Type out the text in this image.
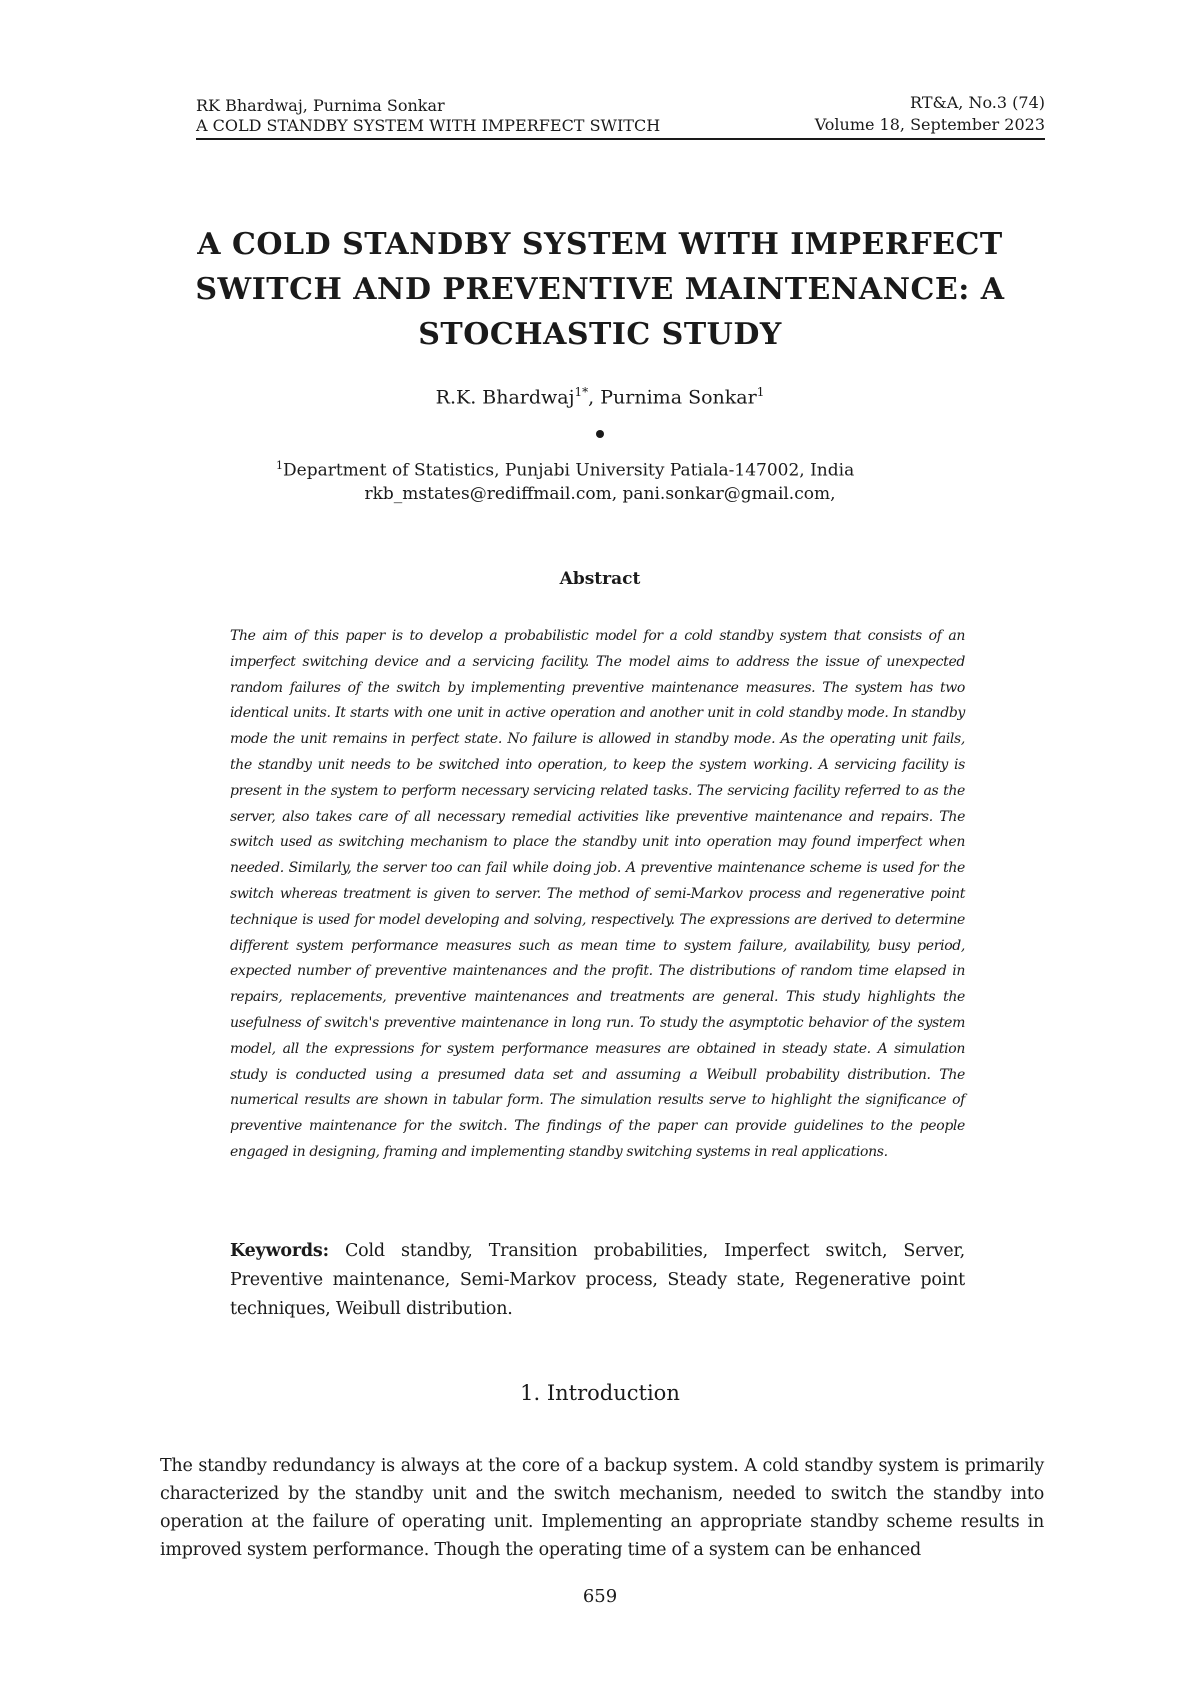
RK Bhardwaj, Purnima Sonkar
A COLD STANDBY SYSTEM WITH IMPERFECT SWITCH
RT&A, No.3 (74)
Volume 18, September 2023
A COLD STANDBY SYSTEM WITH IMPERFECT SWITCH AND PREVENTIVE MAINTENANCE: A STOCHASTIC STUDY
R.K. Bhardwaj$^{1*}$, Purnima Sonkar$^1$
$^1$Department of Statistics, Punjabi University Patiala-147002, India
rkb_mstates@rediffmail.com, pani.sonkar@gmail.com,
Abstract
The aim of this paper is to develop a probabilistic model for a cold standby system that consists of an imperfect switching device and a servicing facility. The model aims to address the issue of unexpected random failures of the switch by implementing preventive maintenance measures. The system has two identical units. It starts with one unit in active operation and another unit in cold standby mode. In standby mode the unit remains in perfect state. No failure is allowed in standby mode. As the operating unit fails, the standby unit needs to be switched into operation, to keep the system working. A servicing facility is present in the system to perform necessary servicing related tasks. The servicing facility referred to as the server, also takes care of all necessary remedial activities like preventive maintenance and repairs. The switch used as switching mechanism to place the standby unit into operation may found imperfect when needed. Similarly, the server too can fail while doing job. A preventive maintenance scheme is used for the switch whereas treatment is given to server. The method of semi-Markov process and regenerative point technique is used for model developing and solving, respectively. The expressions are derived to determine different system performance measures such as mean time to system failure, availability, busy period, expected number of preventive maintenances and the profit. The distributions of random time elapsed in repairs, replacements, preventive maintenances and treatments are general. This study highlights the usefulness of switch's preventive maintenance in long run. To study the asymptotic behavior of the system model, all the expressions for system performance measures are obtained in steady state. A simulation study is conducted using a presumed data set and assuming a Weibull probability distribution. The numerical results are shown in tabular form. The simulation results serve to highlight the significance of preventive maintenance for the switch. The findings of the paper can provide guidelines to the people engaged in designing, framing and implementing standby switching systems in real applications.
Keywords: Cold standby, Transition probabilities, Imperfect switch, Server, Preventive maintenance, Semi-Markov process, Steady state, Regenerative point techniques, Weibull distribution.
1. Introduction
The standby redundancy is always at the core of a backup system. A cold standby system is primarily characterized by the standby unit and the switch mechanism, needed to switch the standby into operation at the failure of operating unit. Implementing an appropriate standby scheme results in improved system performance. Though the operating time of a system can be enhanced
659
